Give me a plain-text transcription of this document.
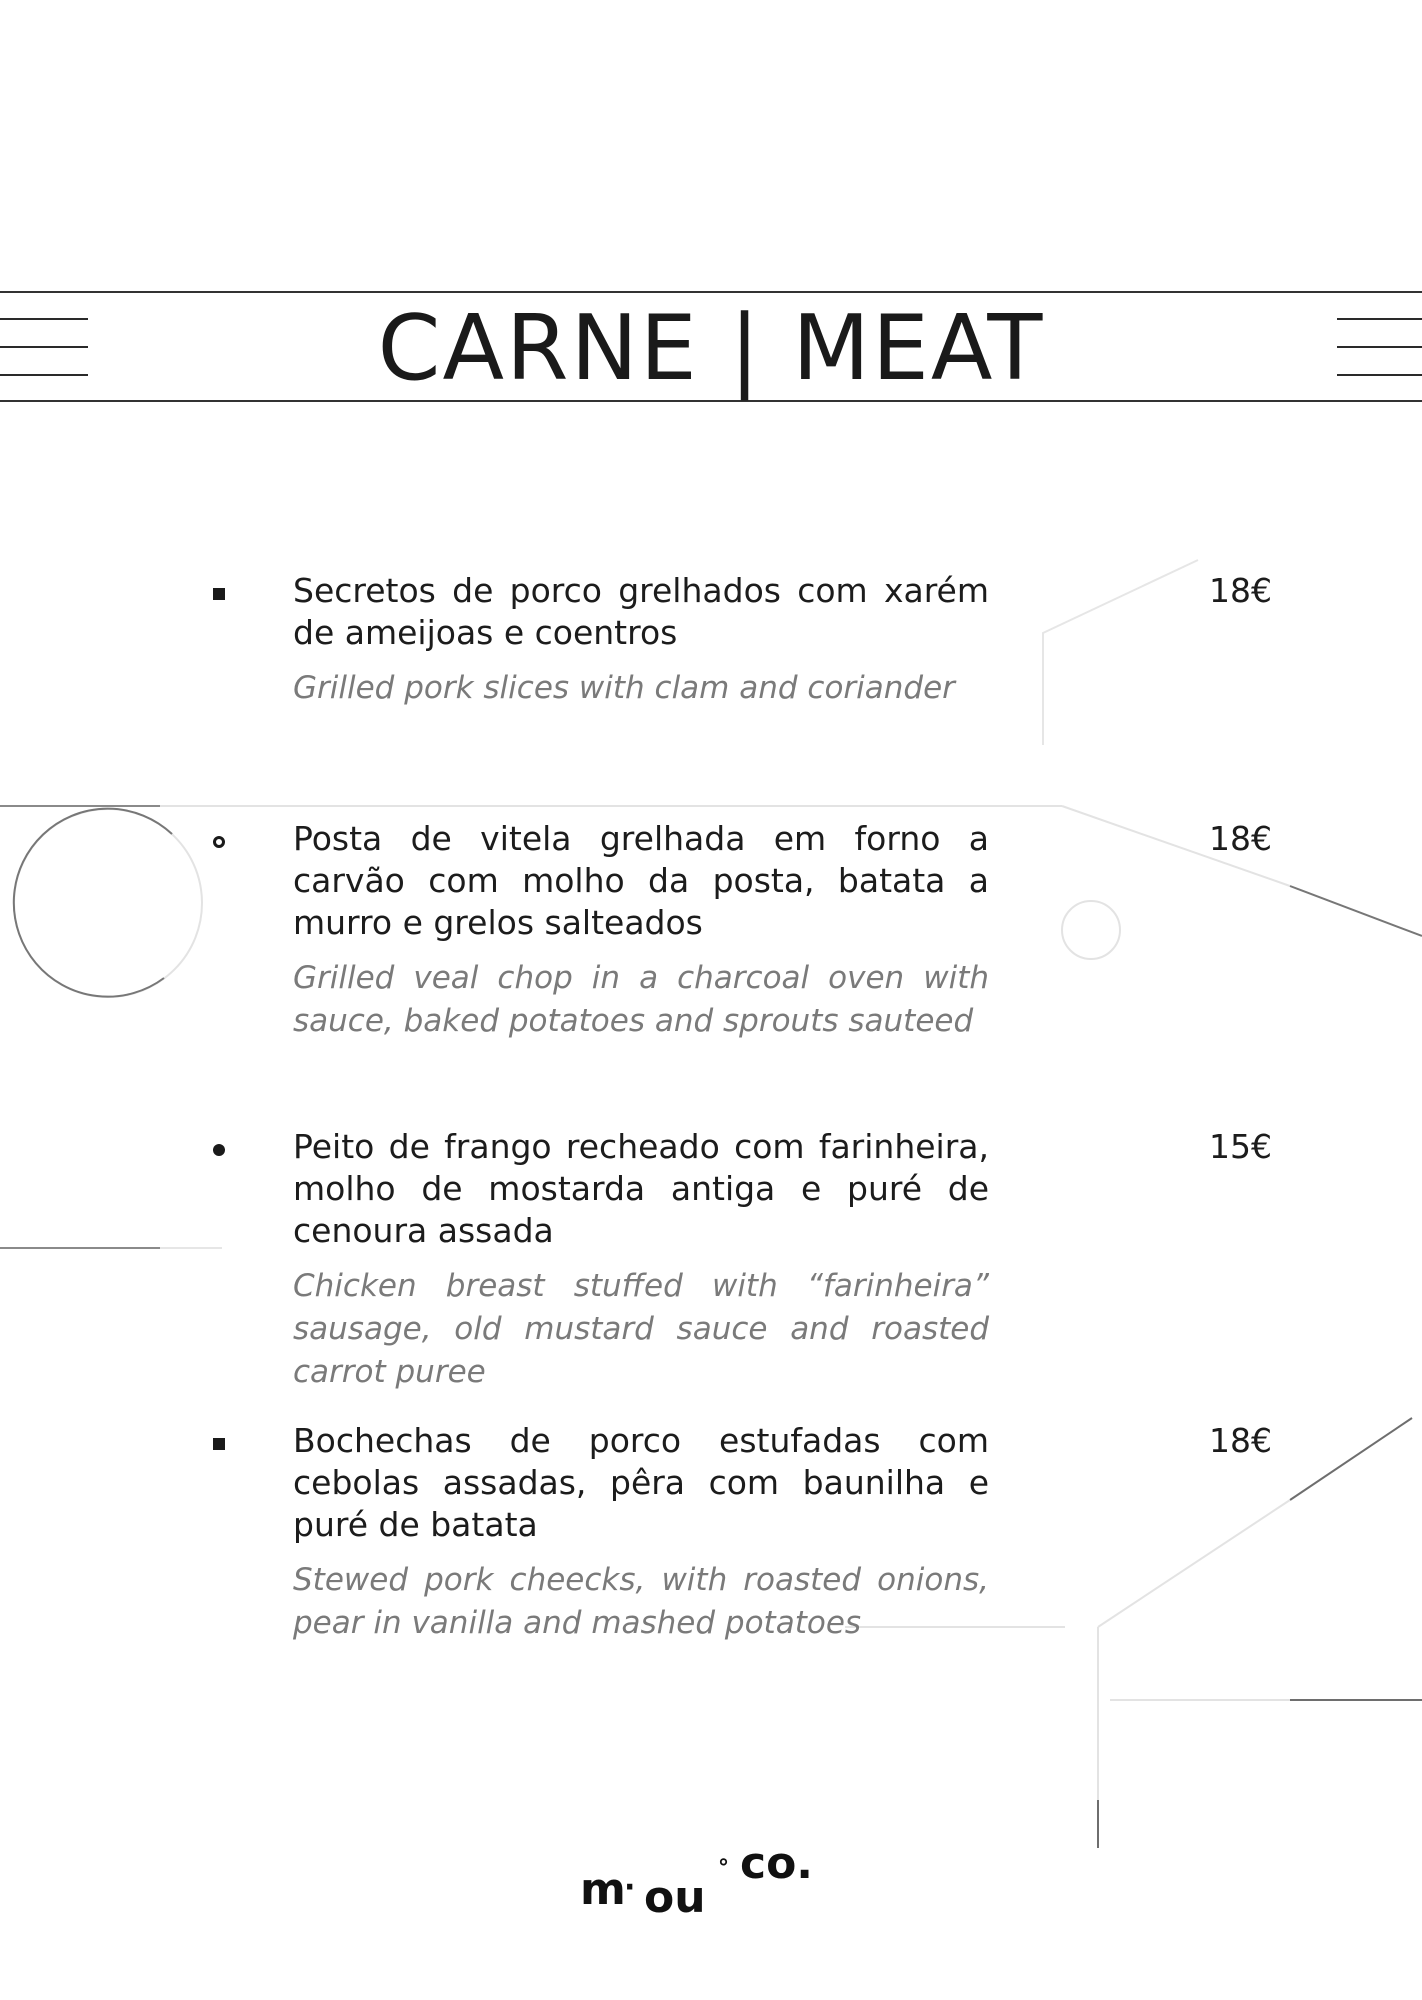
CARNE | MEAT

Secretos de porco grelhados com xarém de ameijoas e coentros

Grilled pork slices with clam and coriander

18€

Posta de vitela grelhada em forno a carvão com molho da posta, batata a murro e grelos salteados

Grilled veal chop in a charcoal oven with sauce, baked potatoes and sprouts sauteed

18€

Peito de frango recheado com farinheira, molho de mostarda antiga e puré de cenoura assada

Chicken breast stuffed with “farinheira” sausage, old mustard sauce and roasted carrot puree

15€

Bochechas de porco estufadas com cebolas assadas, pêra com baunilha e puré de batata

Stewed pork cheecks, with roasted onions, pear in vanilla and mashed potatoes

18€
m
· ou
° co.
